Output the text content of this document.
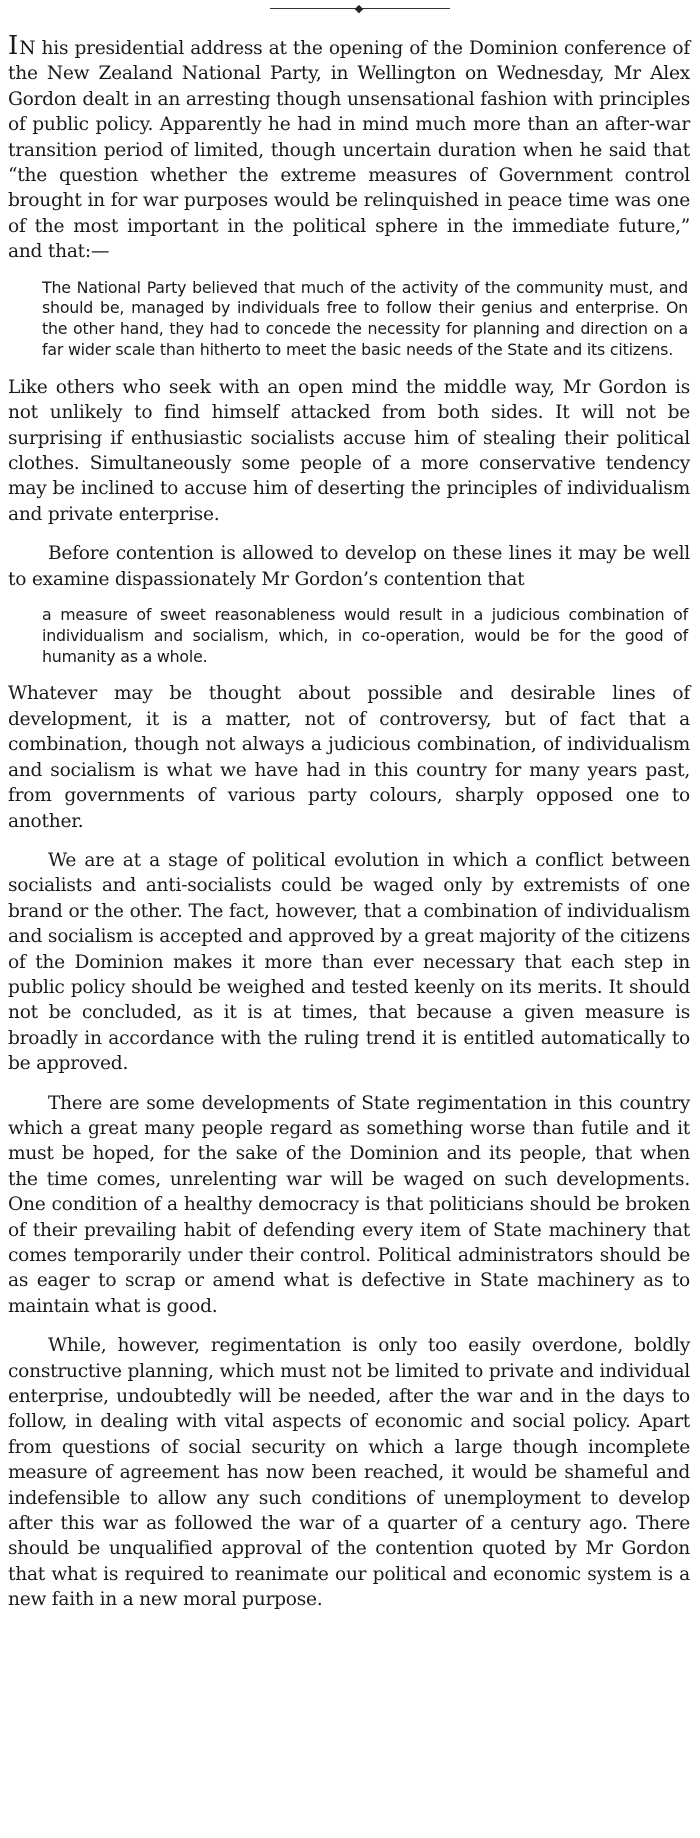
◆

IN his presidential address at the opening of the Dominion conference of the New Zealand National Party, in Wellington on Wednesday, Mr Alex Gordon dealt in an arresting though unsensational fashion with principles of public policy. Apparently he had in mind much more than an after-war transition period of limited, though uncertain duration when he said that “the question whether the extreme measures of Government control brought in for war purposes would be relinquished in peace time was one of the most important in the political sphere in the immediate future,” and that:—

The National Party believed that much of the activity of the community must, and should be, managed by individuals free to follow their genius and enterprise. On the other hand, they had to concede the necessity for planning and direction on a far wider scale than hitherto to meet the basic needs of the State and its citizens.

Like others who seek with an open mind the middle way, Mr Gordon is not unlikely to find himself attacked from both sides. It will not be surprising if enthusiastic socialists accuse him of stealing their political clothes. Simultaneously some people of a more conservative tendency may be inclined to accuse him of deserting the principles of individualism and private enterprise.

Before contention is allowed to develop on these lines it may be well to examine dispassionately Mr Gordon’s contention that

a measure of sweet reasonableness would result in a judicious combination of individualism and socialism, which, in co-operation, would be for the good of humanity as a whole.

Whatever may be thought about possible and desirable lines of development, it is a matter, not of controversy, but of fact that a combination, though not always a judicious combination, of individualism and socialism is what we have had in this country for many years past, from governments of various party colours, sharply opposed one to another.

We are at a stage of political evolution in which a conflict between socialists and anti-socialists could be waged only by extremists of one brand or the other. The fact, however, that a combination of individualism and socialism is accepted and approved by a great majority of the citizens of the Dominion makes it more than ever necessary that each step in public policy should be weighed and tested keenly on its merits. It should not be concluded, as it is at times, that because a given measure is broadly in accordance with the ruling trend it is entitled automatically to be approved.

There are some developments of State regimentation in this country which a great many people regard as something worse than futile and it must be hoped, for the sake of the Dominion and its people, that when the time comes, unrelenting war will be waged on such developments. One condition of a healthy democracy is that politicians should be broken of their prevailing habit of defending every item of State machinery that comes temporarily under their control. Political administrators should be as eager to scrap or amend what is defective in State machinery as to maintain what is good.

While, however, regimentation is only too easily overdone, boldly constructive planning, which must not be limited to private and individual enterprise, undoubtedly will be needed, after the war and in the days to follow, in dealing with vital aspects of economic and social policy. Apart from questions of social security on which a large though incomplete measure of agreement has now been reached, it would be shameful and indefensible to allow any such conditions of unemployment to develop after this war as followed the war of a quarter of a century ago. There should be unqualified approval of the contention quoted by Mr Gordon that what is required to reanimate our political and economic system is a new faith in a new moral purpose.
